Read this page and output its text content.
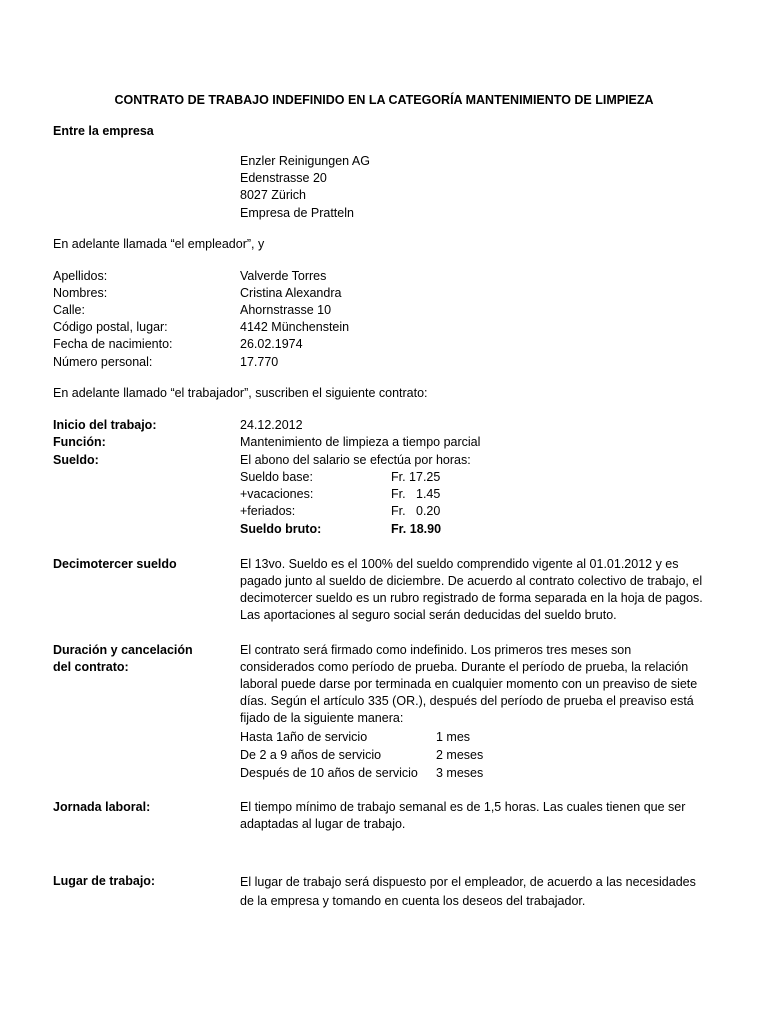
CONTRATO DE TRABAJO INDEFINIDO EN LA CATEGORÍA MANTENIMIENTO DE LIMPIEZA
Entre la empresa
Enzler Reinigungen AG
Edenstrasse 20
8027 Zürich
Empresa de Pratteln
En adelante llamada “el empleador”, y
Apellidos:	Valverde Torres
Nombres:	Cristina Alexandra
Calle:	Ahornstrasse 10
Código postal, lugar:	4142 Münchenstein
Fecha de nacimiento:	26.02.1974
Número personal:	17.770
En adelante llamado “el trabajador”, suscriben el siguiente contrato:
Inicio del trabajo:	24.12.2012
Función:	Mantenimiento de limpieza a tiempo parcial
Sueldo:	El abono del salario se efectúa por horas:
Sueldo base:	Fr. 17.25
+vacaciones:	Fr.   1.45
+feriados:	Fr.   0.20
Sueldo bruto:	Fr. 18.90
Decimotercer sueldo	El 13vo. Sueldo es el 100% del sueldo comprendido vigente al 01.01.2012 y es
pagado junto al sueldo de diciembre. De acuerdo al contrato colectivo de trabajo, el
decimotercer sueldo es un rubro registrado de forma separada en la hoja de pagos.
Las aportaciones al seguro social serán deducidas del sueldo bruto.
Duración y cancelación
del contrato:
El contrato será firmado como indefinido. Los primeros tres meses son
considerados como período de prueba. Durante el período de prueba, la relación
laboral puede darse por terminada en cualquier momento con un preaviso de siete
días. Según el artículo 335 (OR.), después del período de prueba el preaviso está
fijado de la siguiente manera:
Hasta 1año de servicio	1 mes
De 2 a 9 años de servicio	2 meses
Después de 10 años de servicio 3 meses
Jornada laboral:	El tiempo mínimo de trabajo semanal es de 1,5 horas. Las cuales tienen que ser
adaptadas al lugar de trabajo.
Lugar de trabajo:	El lugar de trabajo será dispuesto por el empleador, de acuerdo a las necesidades
de la empresa y tomando en cuenta los deseos del trabajador.
